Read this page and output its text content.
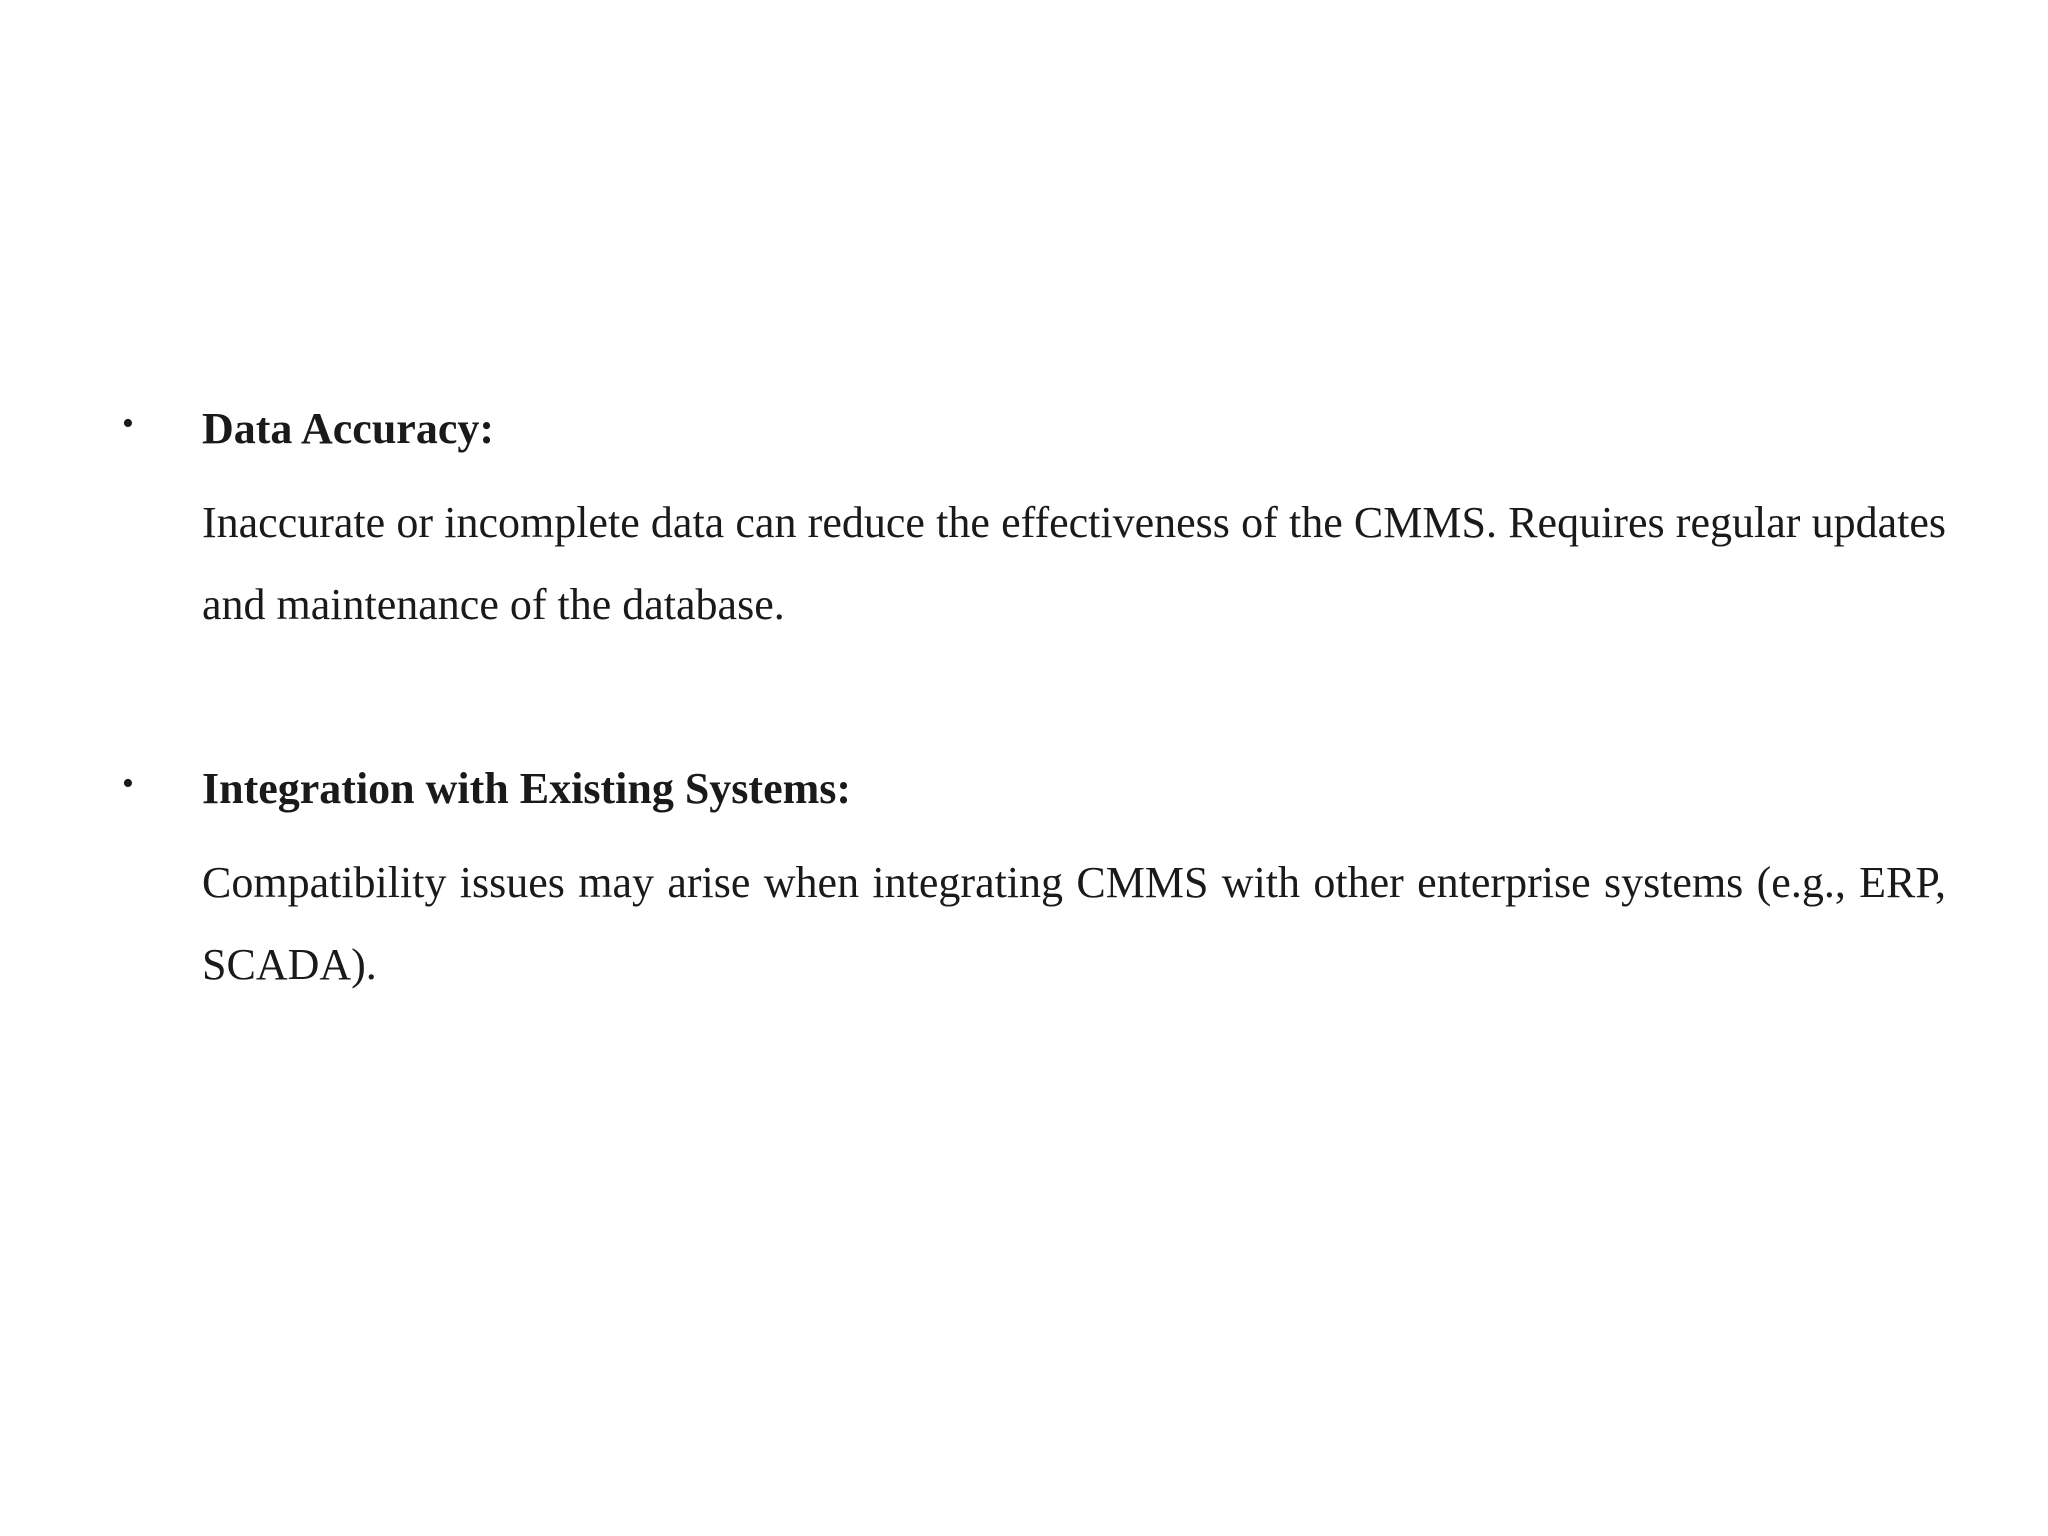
• Data Accuracy:
Inaccurate or incomplete data can reduce the effectiveness of the CMMS. Requires regular updates and maintenance of the database.
• Integration with Existing Systems:
Compatibility issues may arise when integrating CMMS with other enterprise systems (e.g., ERP, SCADA).
